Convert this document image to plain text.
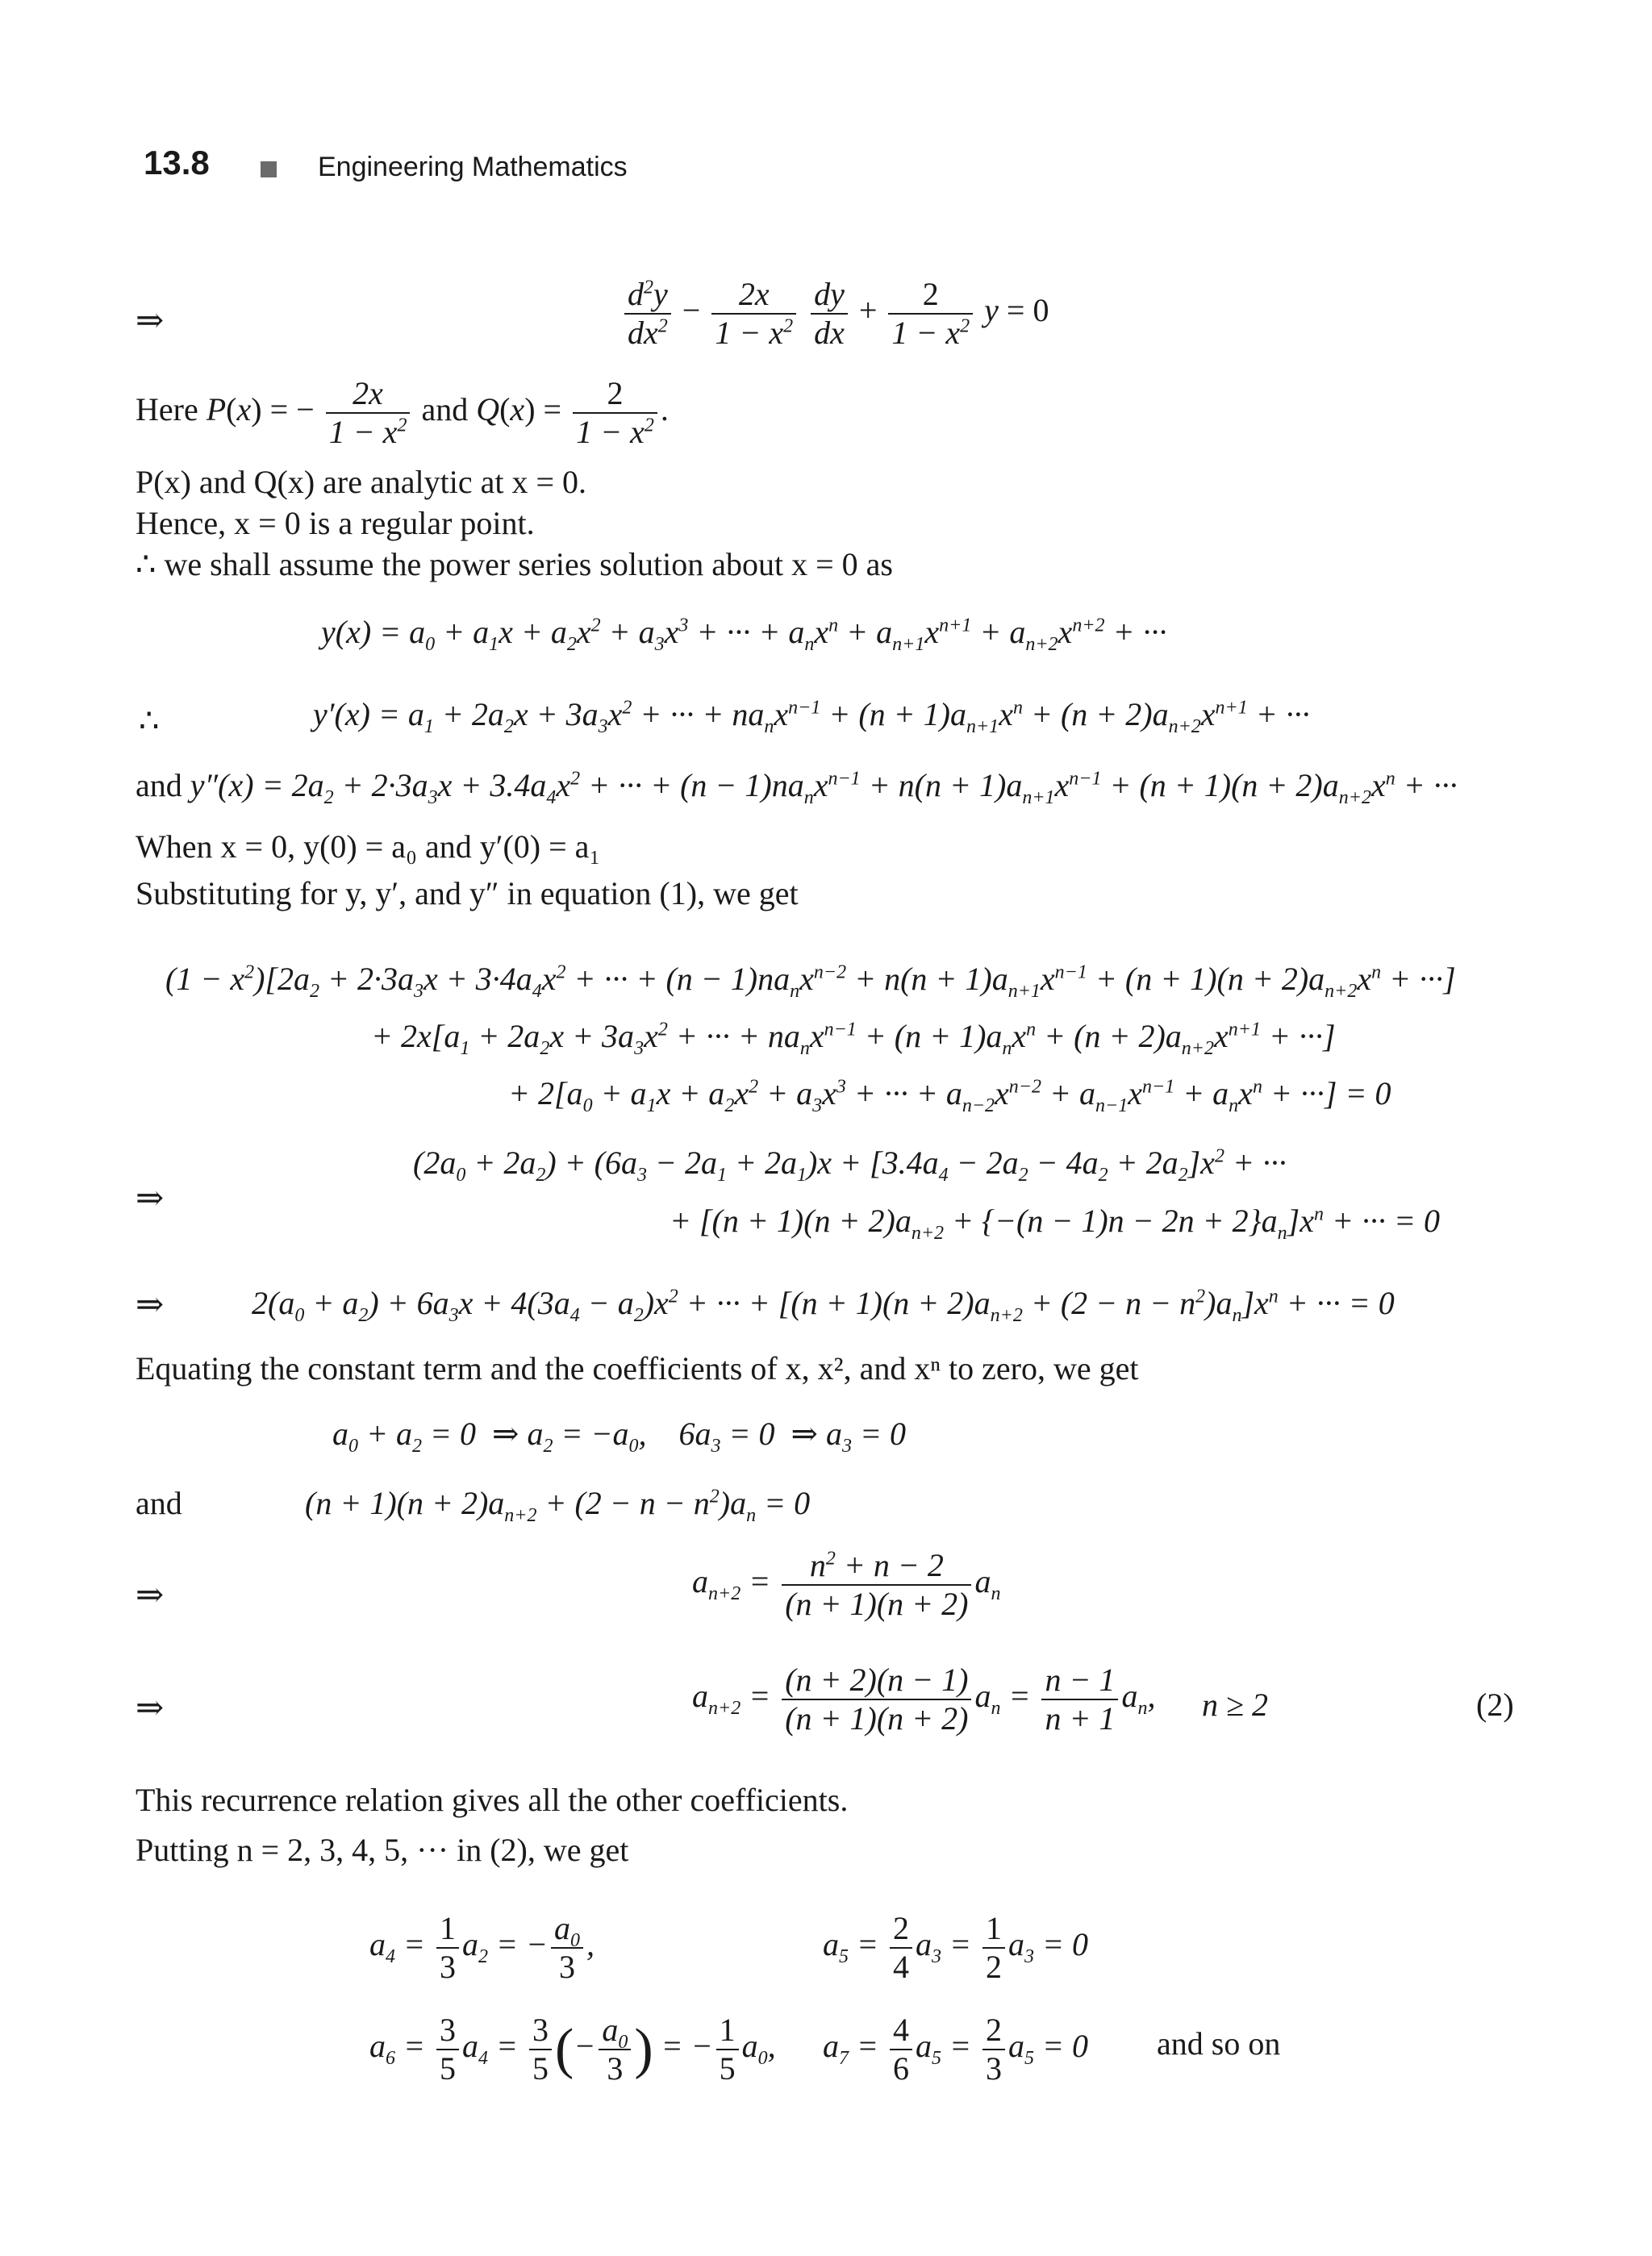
13.8	Engineering Mathematics
⇒	$\frac{d^2y}{dx^2} - \frac{2x}{1 - x^2}$
$\frac{dy}{dx} + \frac{2}{1 - x^2}$ y = 0
Here P(x) = − $\frac{2x}{1 - x^2}$ and $Q(x) = \frac{2}{1 - x^2}$ .
P(x) and Q(x) are analytic at x = 0.
Hence, x = 0 is a regular point.
∴ we shall assume the power series solution about x = 0 as
$y(x) = a_0 + a_1x + a_2x^2 + a_3x^3$ + ··· + $a_nx^n + a_{n+1}x^{n+1} + a_{n+2}x^{n+2}$ + ···
∴	$y'(x) = a_1 + 2a_2x + 3a_3x^2$ + ··· + $na_nx^{n-1} + (n + 1)a_{n+1}x^n + (n + 2)a_{n+2}x^{n+1}$ + ···
and $y''(x) = 2a_2 + 2\cdot 3a_3x + 3.4a_4x^2$ + ··· + $(n - 1)na_nx^{n-1} + n(n + 1)a_{n+1}x^{n-1} + (n + 1)(n + 2)a_{n+2}x^n$ + ···
When x = 0, y(0) = a₀ and y′(0) = a₁
Substituting for y, y′, and y″ in equation (1), we get
$(1 - x^2)[2a_2 + 2\cdot 3a_3x + 3\cdot 4a_4x^2$ + ··· + $(n - 1)na_nx^{n-2} + n(n + 1)a_{n+1}x^{n-1} + (n + 1)(n + 2)a_{n+2}x^n$ + ···]
+ $2x[a_1 + 2a_2x + 3a_3x^2$ + ··· + $na_nx^{n-1} + (n + 1)a_nx^n + (n + 2)a_{n+2}x^{n+1}$ + ···]
+ $2[a_0 + a_1x + a_2x^2 + a_3x^3$ + ··· + $a_{n-2}x^{n-2} + a_{n-1}x^{n-1} + a_nx^n$ + ···] = 0
⇒
$(2a_0 + 2a_2) + (6a_3 - 2a_1 + 2a_1)x + [3.4a_4 - 2a_2 - 4a_2 + 2a_2]x^2$ + ···
+ $[(n + 1)(n + 2)a_{n+2} + \{-(n - 1)n - 2n + 2\}a_n]x^n$ + ··· = 0
⇒	$2(a_0 + a_2) + 6a_3x + 4(3a_4 - a_2)x^2$ + ··· + $[(n + 1)(n + 2)a_{n+2} + (2 - n - n^2)a_n]x^n$ + ··· = 0
Equating the constant term and the coefficients of x, x², and xⁿ to zero, we get
$a_0 + a_2 = 0$  ⇒ $a_2 = -a_0$,    $6a_3 = 0$  ⇒ $a_3 = 0$
and	$(n + 1)(n + 2)a_{n+2} + (2 - n - n^2)a_n = 0$
⇒	$a_{n+2} = \frac{n^2 + n - 2}{(n + 1)(n + 2)} a_n$
⇒	$a_{n+2} = \frac{(n + 2)(n - 1)}{(n + 1)(n + 2)} a_n = \frac{n - 1}{n + 1} a_n$, n ≥ 2	(2)
This recurrence relation gives all the other coefficients.
Putting n = 2, 3, 4, 5, ··· in (2), we get
$a_4 = \frac{1}{3} a_2$ = − $\frac{a_0}{3}$ ,	$a_5 = \frac{2}{4} a_3 = \frac{1}{2} a_3 = 0$
$a_6 = \frac{3}{5} a_4 = \frac{3}{5}$ (− $\frac{a_0}{3}$ ) = − $\frac{1}{5} a_0$, $a_7 = \frac{4}{6} a_5 = \frac{2}{3} a_5 = 0$ and so on
